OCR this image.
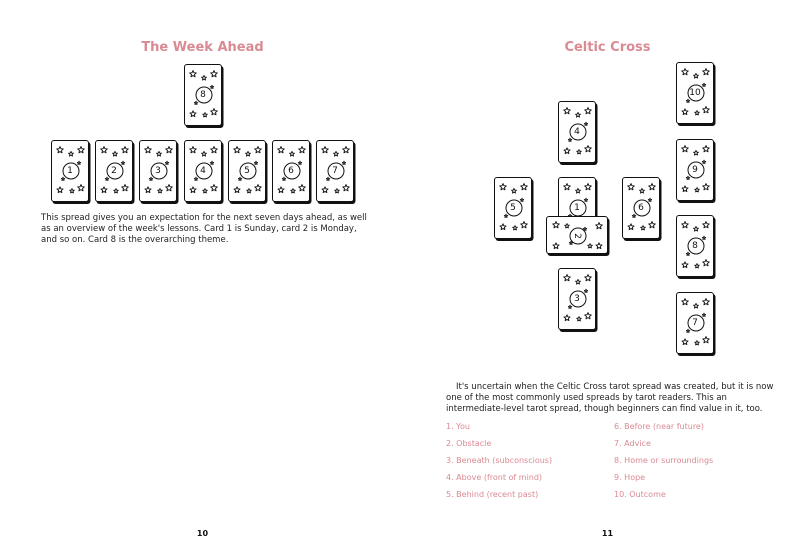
The Week Ahead
8
1	2	3	4	5	6	7
This spread gives you an expectation for the next seven days ahead, as well as an overview of the week's lessons. Card 1 is Sunday, card 2 is Monday, and so on. Card 8 is the overarching theme.
10
Celtic Cross
4
5	1
2
6
3
10
9
8
7
It's uncertain when the Celtic Cross tarot spread was created, but it is now one of the most commonly used spreads by tarot readers. This an intermediate-level tarot spread, though beginners can find value in it, too.
1. You
2. Obstacle
3. Beneath (subconscious)
4. Above (front of mind)
5. Behind (recent past)
6. Before (near future)
7. Advice
8. Home or surroundings
9. Hope
10. Outcome
11
